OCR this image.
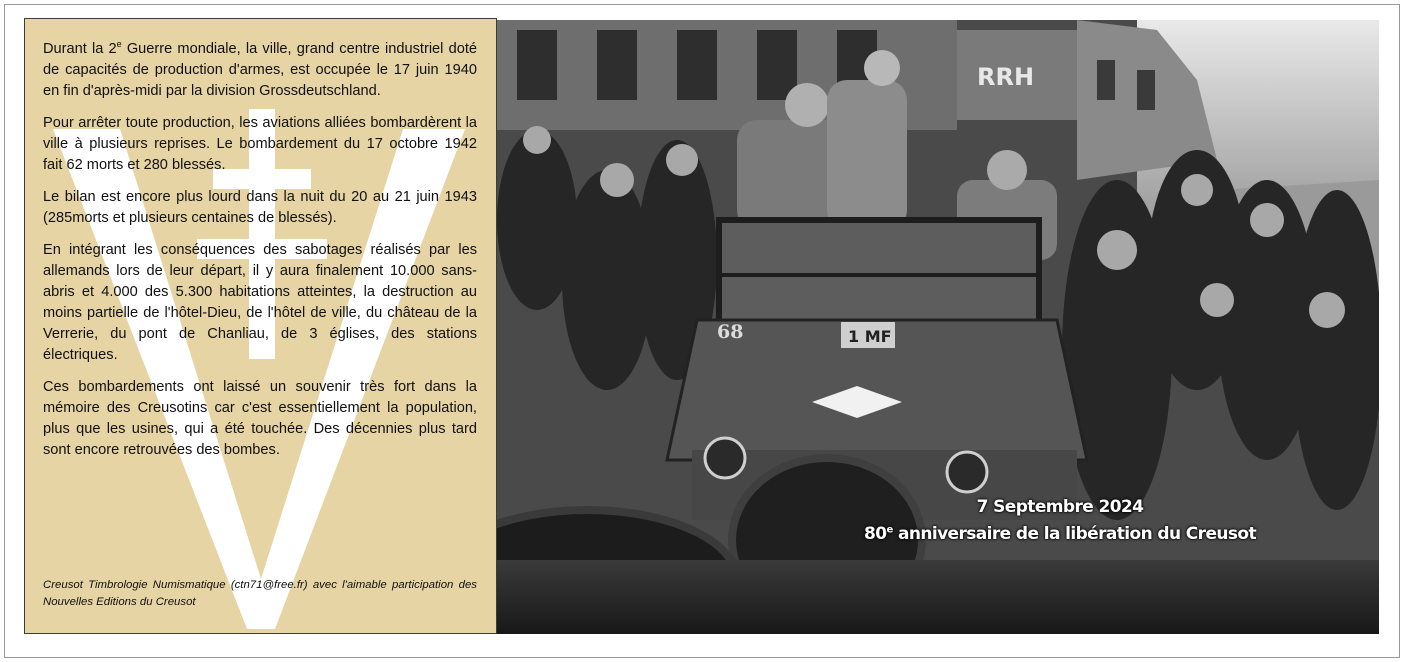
Durant la 2e Guerre mondiale, la ville, grand centre industriel doté de capacités de production d'armes, est occupée le 17 juin 1940 en fin d'après-midi par la division Grossdeutschland.

Pour arrêter toute production, les aviations alliées bombardèrent la ville à plusieurs reprises. Le bombardement du 17 octobre 1942 fait 62 morts et 280 blessés.

Le bilan est encore plus lourd dans la nuit du 20 au 21 juin 1943 (285morts et plusieurs centaines de blessés).

En intégrant les conséquences des sabotages réalisés par les allemands lors de leur départ, il y aura finalement 10.000 sans-abris et 4.000 des 5.300 habitations atteintes, la destruction au moins partielle de l'hôtel-Dieu, de l'hôtel de ville, du château de la Verrerie, du pont de Chanliau, de 3 églises, des stations électriques.

Ces bombardements ont laissé un souvenir très fort dans la mémoire des Creusotins car c'est essentiellement la population, plus que les usines, qui a été touchée. Des décennies plus tard sont encore retrouvées des bombes.

Creusot Timbrologie Numismatique (ctn71@free.fr) avec l'aimable participation des Nouvelles Editions du Creusot
RRH
68	1 MF
7 Septembre 2024
80e anniversaire de la libération du Creusot
